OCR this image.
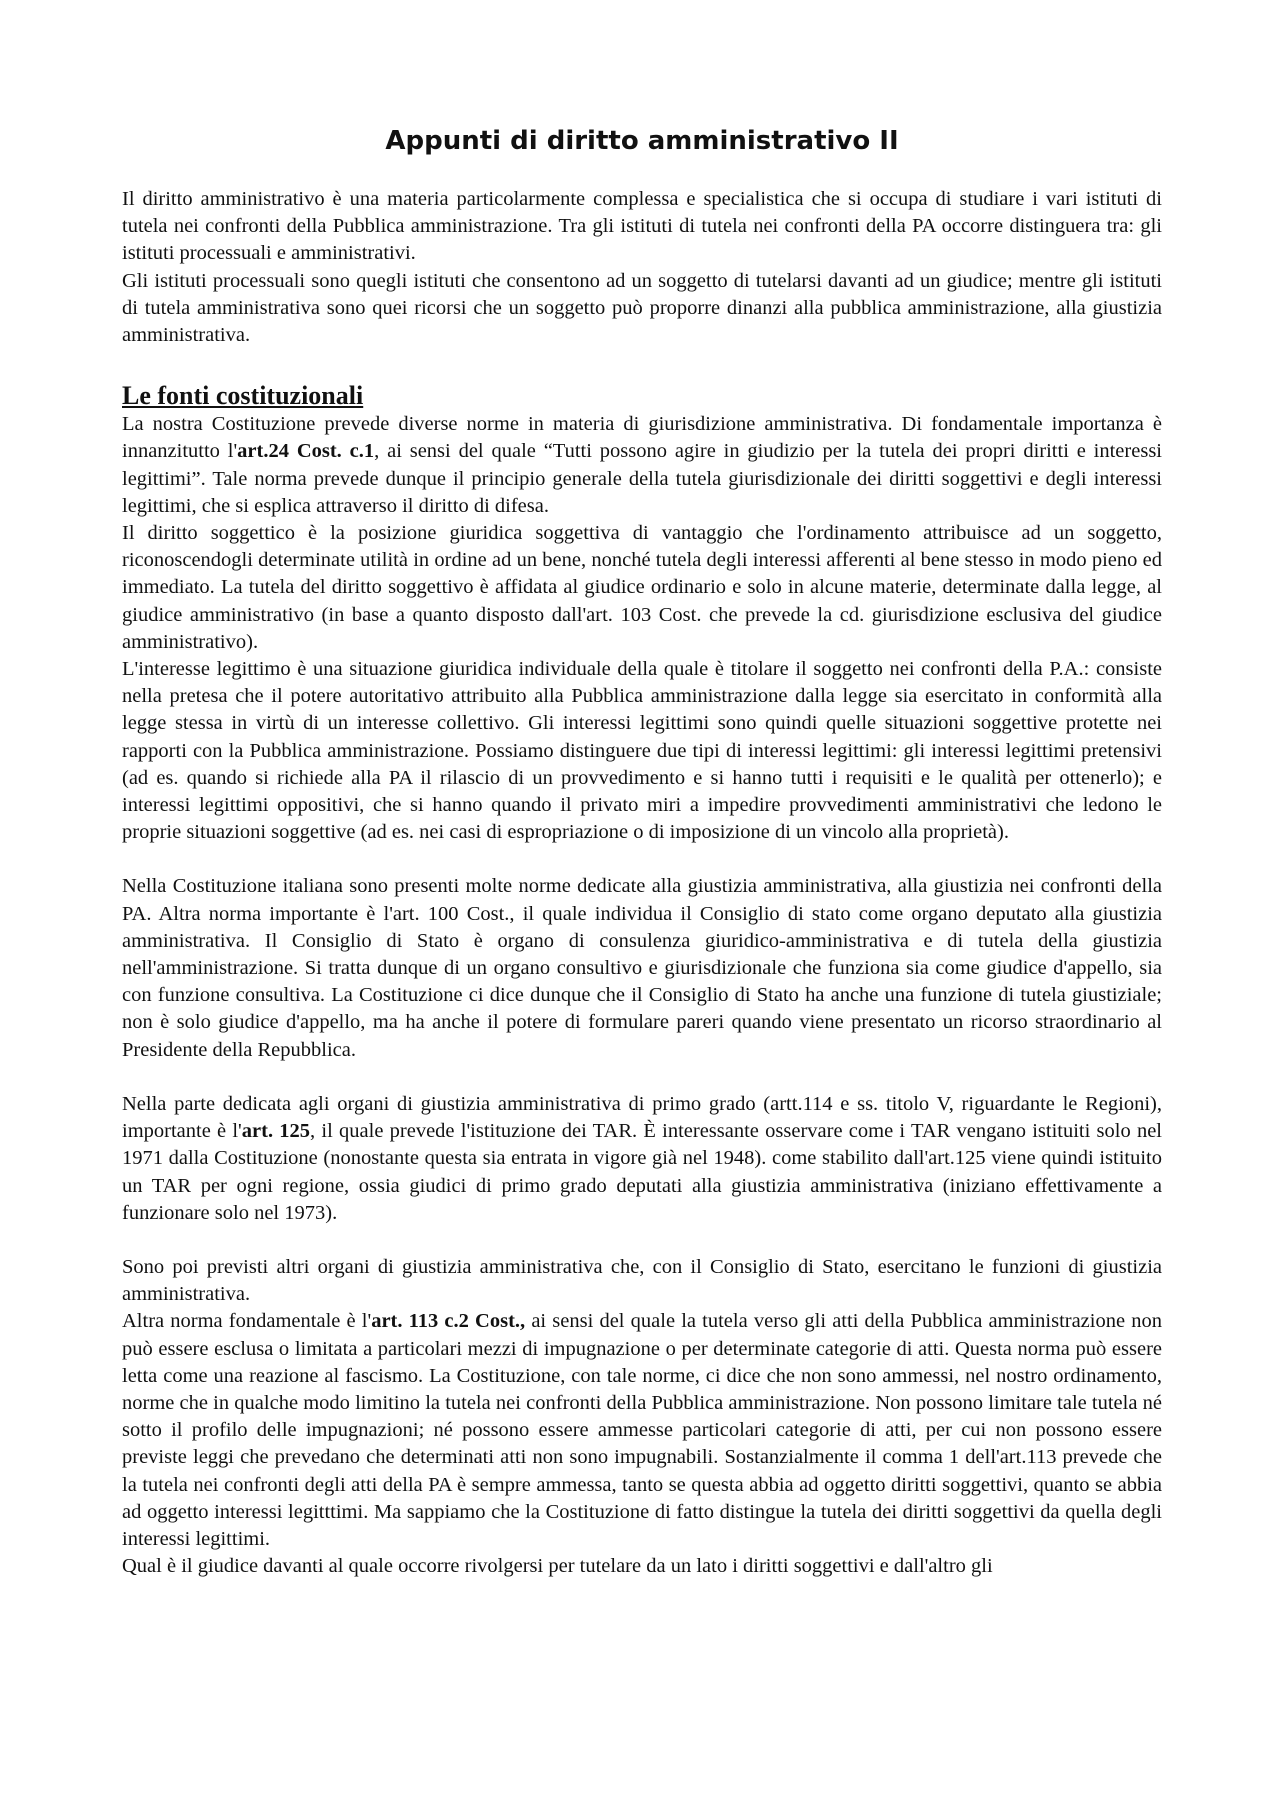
Appunti di diritto amministrativo II

Il diritto amministrativo è una materia particolarmente complessa e specialistica che si occupa di studiare i vari istituti di tutela nei confronti della Pubblica amministrazione. Tra gli istituti di tutela nei confronti della PA occorre distinguera tra: gli istituti processuali e amministrativi.

Gli istituti processuali sono quegli istituti che consentono ad un soggetto di tutelarsi davanti ad un giudice; mentre gli istituti di tutela amministrativa sono quei ricorsi che un soggetto può proporre dinanzi alla pubblica amministrazione, alla giustizia amministrativa.

Le fonti costituzionali

La nostra Costituzione prevede diverse norme in materia di giurisdizione amministrativa. Di fondamentale importanza è innanzitutto l'art.24 Cost. c.1, ai sensi del quale “Tutti possono agire in giudizio per la tutela dei propri diritti e interessi legittimi”. Tale norma prevede dunque il principio generale della tutela giurisdizionale dei diritti soggettivi e degli interessi legittimi, che si esplica attraverso il diritto di difesa.

Il diritto soggettico è la posizione giuridica soggettiva di vantaggio che l'ordinamento attribuisce ad un soggetto, riconoscendogli determinate utilità in ordine ad un bene, nonché tutela degli interessi afferenti al bene stesso in modo pieno ed immediato. La tutela del diritto soggettivo è affidata al giudice ordinario e solo in alcune materie, determinate dalla legge, al giudice amministrativo (in base a quanto disposto dall'art. 103 Cost. che prevede la cd. giurisdizione esclusiva del giudice amministrativo).

L'interesse legittimo è una situazione giuridica individuale della quale è titolare il soggetto nei confronti della P.A.: consiste nella pretesa che il potere autoritativo attribuito alla Pubblica amministrazione dalla legge sia esercitato in conformità alla legge stessa in virtù di un interesse collettivo. Gli interessi legittimi sono quindi quelle situazioni soggettive protette nei rapporti con la Pubblica amministrazione. Possiamo distinguere due tipi di interessi legittimi: gli interessi legittimi pretensivi (ad es. quando si richiede alla PA il rilascio di un provvedimento e si hanno tutti i requisiti e le qualità per ottenerlo); e interessi legittimi oppositivi, che si hanno quando il privato miri a impedire provvedimenti amministrativi che ledono le proprie situazioni soggettive (ad es. nei casi di espropriazione o di imposizione di un vincolo alla proprietà).

Nella Costituzione italiana sono presenti molte norme dedicate alla giustizia amministrativa, alla giustizia nei confronti della PA. Altra norma importante è l'art. 100 Cost., il quale individua il Consiglio di stato come organo deputato alla giustizia amministrativa. Il Consiglio di Stato è organo di consulenza giuridico-amministrativa e di tutela della giustizia nell'amministrazione. Si tratta dunque di un organo consultivo e giurisdizionale che funziona sia come giudice d'appello, sia con funzione consultiva. La Costituzione ci dice dunque che il Consiglio di Stato ha anche una funzione di tutela giustiziale; non è solo giudice d'appello, ma ha anche il potere di formulare pareri quando viene presentato un ricorso straordinario al Presidente della Repubblica.

Nella parte dedicata agli organi di giustizia amministrativa di primo grado (artt.114 e ss. titolo V, riguardante le Regioni), importante è l'art. 125, il quale prevede l'istituzione dei TAR. È interessante osservare come i TAR vengano istituiti solo nel 1971 dalla Costituzione (nonostante questa sia entrata in vigore già nel 1948). come stabilito dall'art.125 viene quindi istituito un TAR per ogni regione, ossia giudici di primo grado deputati alla giustizia amministrativa (iniziano effettivamente a funzionare solo nel 1973).

Sono poi previsti altri organi di giustizia amministrativa che, con il Consiglio di Stato, esercitano le funzioni di giustizia amministrativa.

Altra norma fondamentale è l'art. 113 c.2 Cost., ai sensi del quale la tutela verso gli atti della Pubblica amministrazione non può essere esclusa o limitata a particolari mezzi di impugnazione o per determinate categorie di atti. Questa norma può essere letta come una reazione al fascismo. La Costituzione, con tale norme, ci dice che non sono ammessi, nel nostro ordinamento, norme che in qualche modo limitino la tutela nei confronti della Pubblica amministrazione. Non possono limitare tale tutela né sotto il profilo delle impugnazioni; né possono essere ammesse particolari categorie di atti, per cui non possono essere previste leggi che prevedano che determinati atti non sono impugnabili. Sostanzialmente il comma 1 dell'art.113 prevede che la tutela nei confronti degli atti della PA è sempre ammessa, tanto se questa abbia ad oggetto diritti soggettivi, quanto se abbia ad oggetto interessi legitttimi. Ma sappiamo che la Costituzione di fatto distingue la tutela dei diritti soggettivi da quella degli interessi legittimi.

Qual è il giudice davanti al quale occorre rivolgersi per tutelare da un lato i diritti soggettivi e dall'altro gli
